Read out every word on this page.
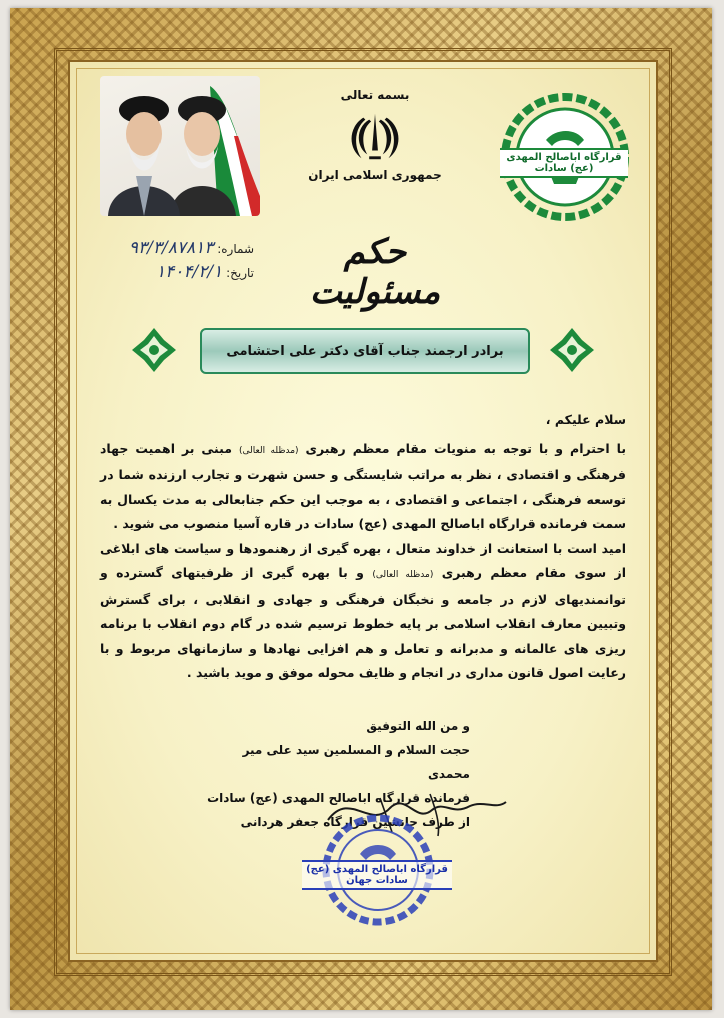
بسمه تعالی
جمهوری اسلامی ایران
قرارگاه اباصالح المهدی (عج) سادات
شماره: ۹۳/۳/۸۷۸۱۳
تاریخ: ۱۴۰۴/۲/۱	حکم مسئولیت
برادر ارجمند جناب آقای دکتر علی احتشامی

سلام علیکم ،

با احترام و با توجه به منویات مقام معظم رهبری (مدظله العالی) مبنی بر اهمیت جهاد فرهنگی و اقتصادی ، نظر به مراتب شایستگی و حسن شهرت و تجارب ارزنده شما در توسعه فرهنگی ، اجتماعی و اقتصادی ، به موجب این حکم جنابعالی به مدت یکسال به سمت فرمانده قرارگاه اباصالح المهدی (عج) سادات در قاره آسیا منصوب می شوید .

امید است با استعانت از خداوند متعال ، بهره گیری از رهنمودها و سیاست های ابلاغی از سوی مقام معظم رهبری (مدظله العالی) و با بهره گیری از ظرفیتهای گسترده و توانمندیهای لازم در جامعه و نخبگان فرهنگی و جهادی و انقلابی ، برای گسترش وتبیین معارف انقلاب اسلامی بر پایه خطوط ترسیم شده در گام دوم انقلاب با برنامه ریزی های عالمانه و مدبرانه و تعامل و هم افزایی نهادها و سازمانهای مربوط و با رعایت اصول قانون مداری در انجام و ظایف محوله موفق و موید باشید .

و من الله التوفیق

حجت السلام و المسلمین سید علی میر محمدی

فرمانده قرارگاه اباصالح المهدی (عج) سادات

از طرف جانشین قرارگاه جعفر هردانی

قرارگاه اباصالح المهدی (عج) سادات جهان
